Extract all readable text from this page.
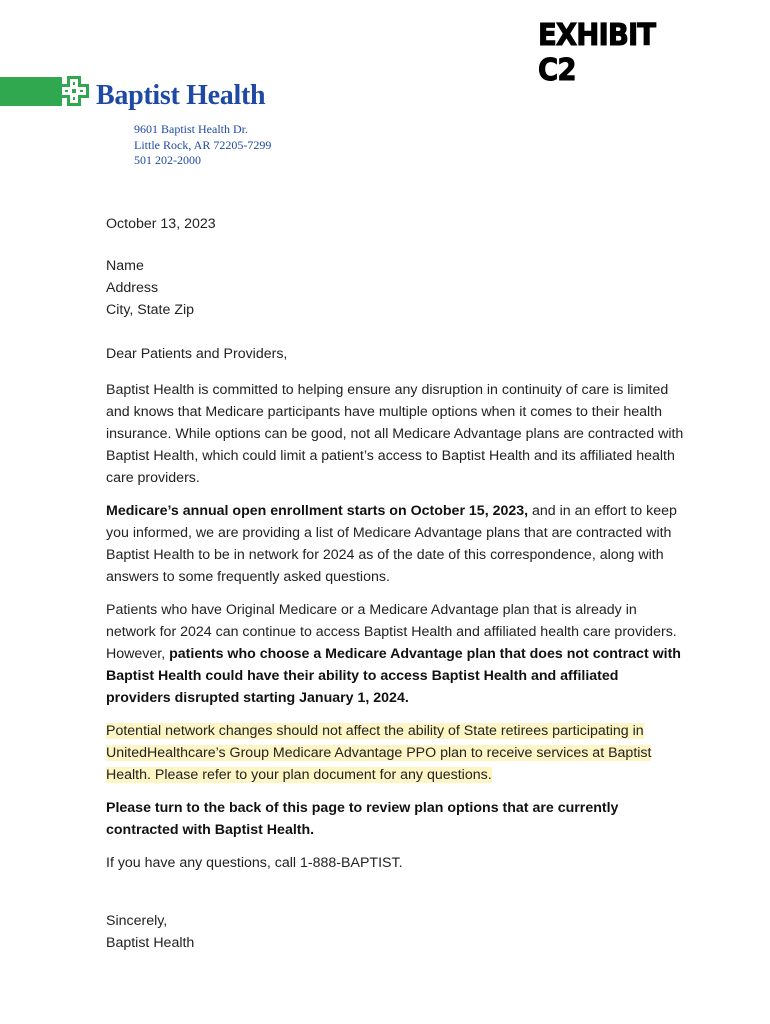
EXHIBIT C2
Baptist Health
9601 Baptist Health Dr.
Little Rock, AR 72205-7299
501 202-2000

October 13, 2023

Name

Address

City, State Zip

Dear Patients and Providers,

Baptist Health is committed to helping ensure any disruption in continuity of care is limited and knows that Medicare participants have multiple options when it comes to their health insurance. While options can be good, not all Medicare Advantage plans are contracted with Baptist Health, which could limit a patient’s access to Baptist Health and its affiliated health care providers.

Medicare’s annual open enrollment starts on October 15, 2023, and in an effort to keep you informed, we are providing a list of Medicare Advantage plans that are contracted with Baptist Health to be in network for 2024 as of the date of this correspondence, along with answers to some frequently asked questions.

Patients who have Original Medicare or a Medicare Advantage plan that is already in network for 2024 can continue to access Baptist Health and affiliated health care providers. However, patients who choose a Medicare Advantage plan that does not contract with Baptist Health could have their ability to access Baptist Health and affiliated providers disrupted starting January 1, 2024.

Potential network changes should not affect the ability of State retirees participating in UnitedHealthcare’s Group Medicare Advantage PPO plan to receive services at Baptist Health. Please refer to your plan document for any questions.

Please turn to the back of this page to review plan options that are currently contracted with Baptist Health.

If you have any questions, call 1-888-BAPTIST.

Sincerely,

Baptist Health
